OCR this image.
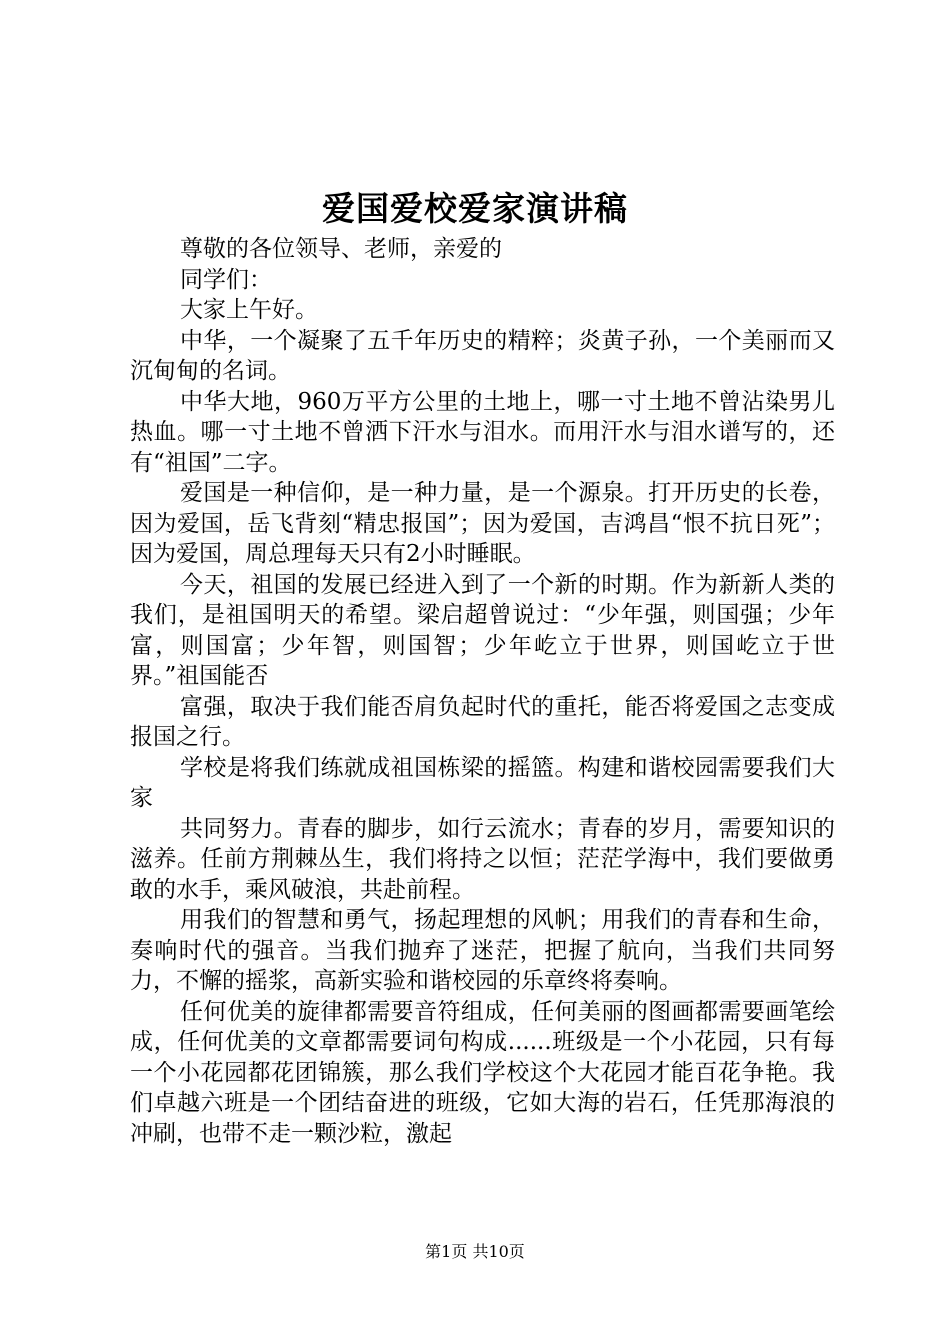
爱国爱校爱家演讲稿

尊敬的各位领导、老师，亲爱的

同学们：

大家上午好。

中华，一个凝聚了五千年历史的精粹；炎黄子孙，一个美丽而又沉甸甸的名词。

中华大地，960万平方公里的土地上，哪一寸土地不曾沾染男儿热血。哪一寸土地不曾洒下汗水与泪水。而用汗水与泪水谱写的，还有“祖国”二字。

爱国是一种信仰，是一种力量，是一个源泉。打开历史的长卷，因为爱国，岳飞背刻“精忠报国”；因为爱国，吉鸿昌“恨不抗日死”；因为爱国，周总理每天只有2小时睡眠。

今天，祖国的发展已经进入到了一个新的时期。作为新新人类的我们，是祖国明天的希望。梁启超曾说过：“少年强，则国强；少年富，则国富；少年智，则国智；少年屹立于世界，则国屹立于世界。”祖国能否

富强，取决于我们能否肩负起时代的重托，能否将爱国之志变成报国之行。

学校是将我们练就成祖国栋梁的摇篮。构建和谐校园需要我们大家

共同努力。青春的脚步，如行云流水；青春的岁月，需要知识的滋养。任前方荆棘丛生，我们将持之以恒；茫茫学海中，我们要做勇敢的水手，乘风破浪，共赴前程。

用我们的智慧和勇气，扬起理想的风帆；用我们的青春和生命，奏响时代的强音。当我们抛弃了迷茫，把握了航向，当我们共同努力，不懈的摇浆，高新实验和谐校园的乐章终将奏响。

任何优美的旋律都需要音符组成，任何美丽的图画都需要画笔绘成，任何优美的文章都需要词句构成......班级是一个小花园，只有每一个小花园都花团锦簇，那么我们学校这个大花园才能百花争艳。我们卓越六班是一个团结奋进的班级，它如大海的岩石，任凭那海浪的冲刷，也带不走一颗沙粒，激起

第1页 共10页
